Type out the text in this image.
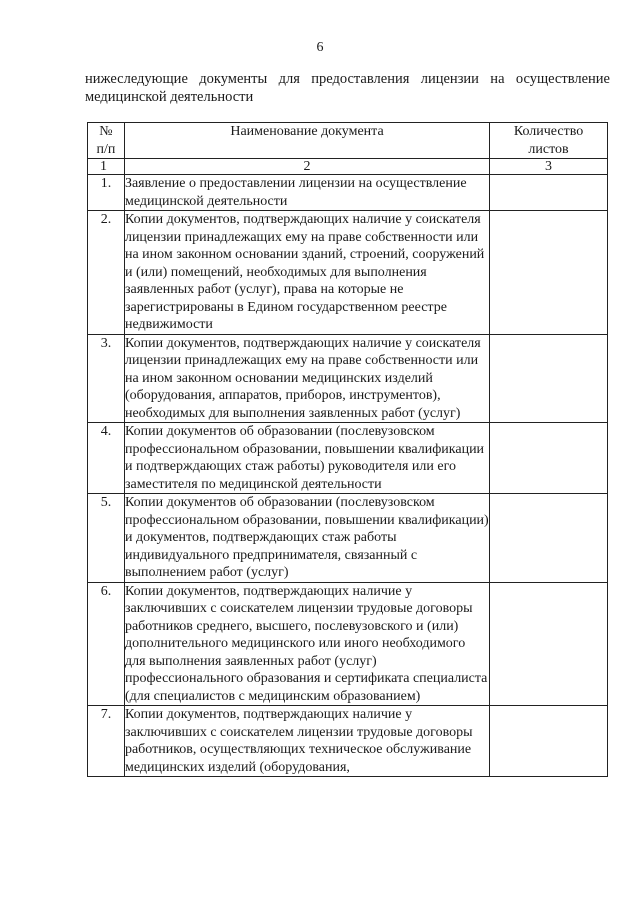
6
нижеследующие документы для предоставления лицензии на осуществление
медицинской деятельности
№ п/п	Наименование документа	Количество листов

1	2	3
1.	Заявление о предоставлении лицензии на осуществление медицинской деятельности	
2.	Копии документов, подтверждающих наличие у соискателя лицензии принадлежащих ему на праве собственности или на ином законном основании зданий, строений, сооружений и (или) помещений, необходимых для выполнения заявленных работ (услуг), права на которые не зарегистрированы в Едином государственном реестре недвижимости	
3.	Копии документов, подтверждающих наличие у соискателя лицензии принадлежащих ему на праве собственности или на ином законном основании медицинских изделий (оборудования, аппаратов, приборов, инструментов), необходимых для выполнения заявленных работ (услуг)	
4.	Копии документов об образовании (послевузовском профессиональном образовании, повышении квалификации и подтверждающих стаж работы) руководителя или его заместителя по медицинской деятельности	
5.	Копии документов об образовании (послевузовском профессиональном образовании, повышении квалификации) и документов, подтверждающих стаж работы индивидуального предпринимателя, связанный с выполнением работ (услуг)	
6.	Копии документов, подтверждающих наличие у заключивших с соискателем лицензии трудовые договоры работников среднего, высшего, послевузовского и (или) дополнительного медицинского или иного необходимого для выполнения заявленных работ (услуг) профессионального образования и сертификата специалиста (для специалистов с медицинским образованием)	
7.	Копии документов, подтверждающих наличие у заключивших с соискателем лицензии трудовые договоры работников, осуществляющих техническое обслуживание медицинских изделий (оборудования,	
